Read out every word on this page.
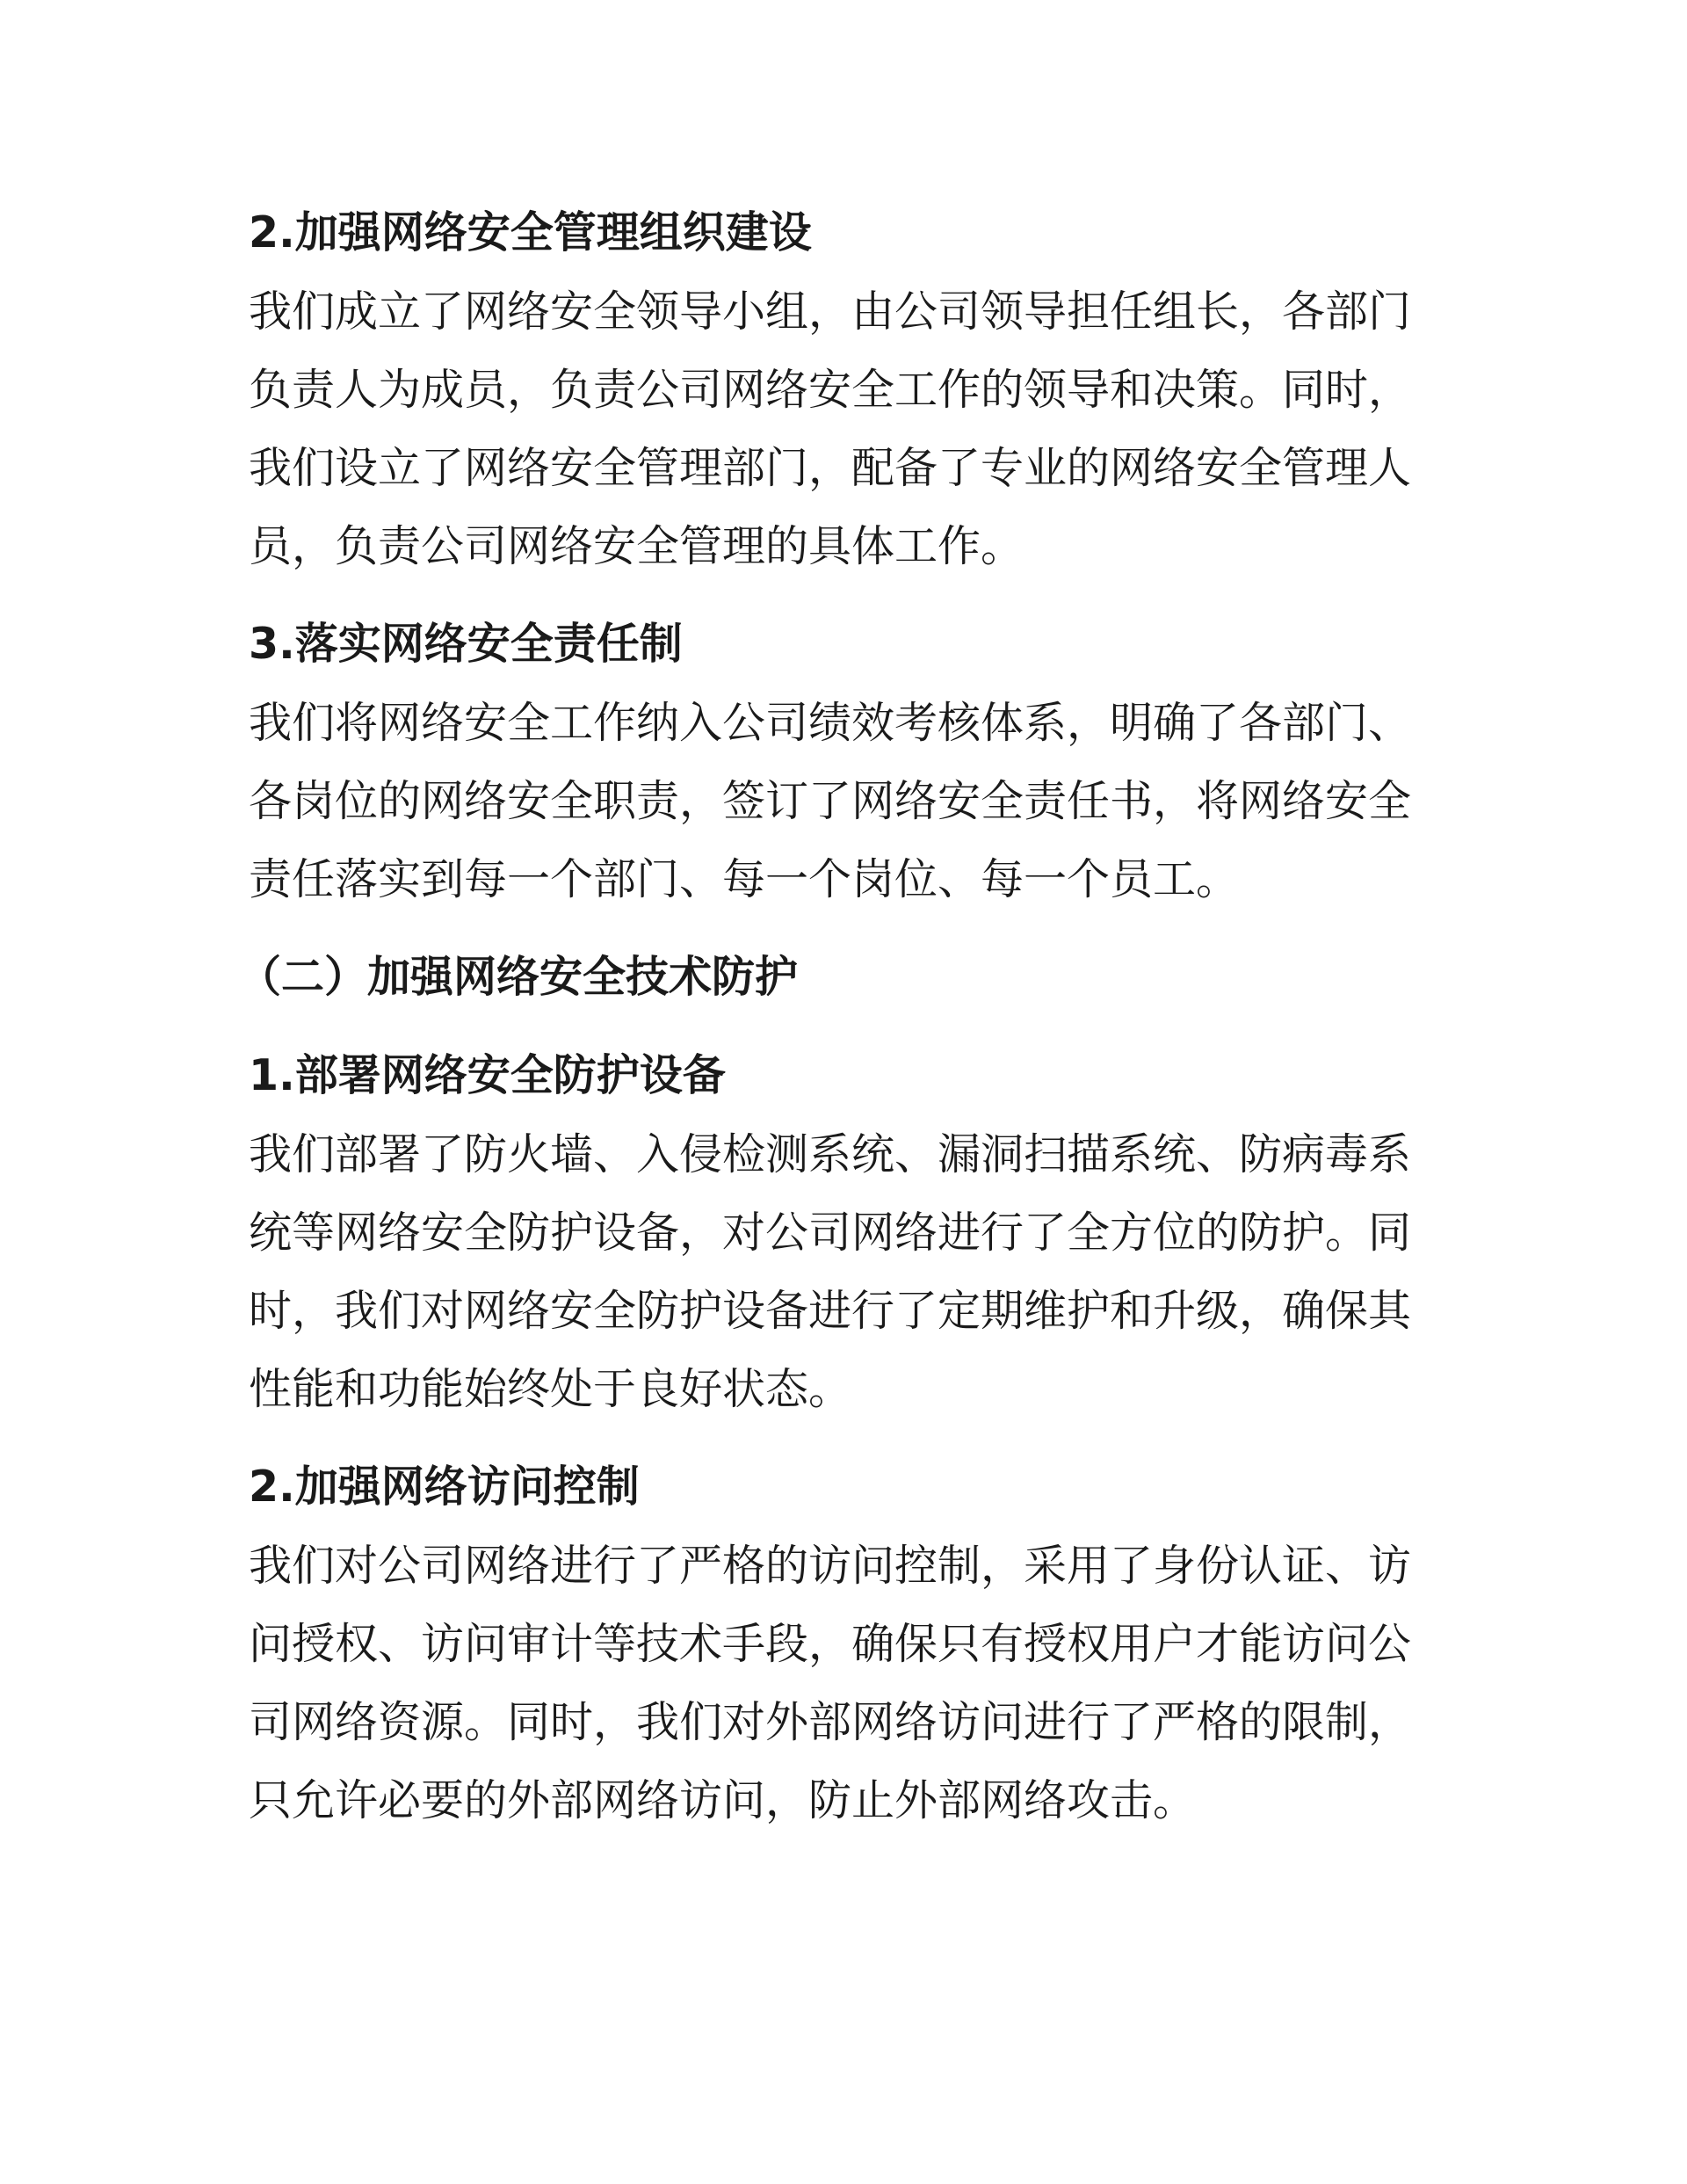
2.加强网络安全管理组织建设

我们成立了网络安全领导小组，由公司领导担任组长，各部门
负责人为成员，负责公司网络安全工作的领导和决策。同时，
我们设立了网络安全管理部门，配备了专业的网络安全管理人
员，负责公司网络安全管理的具体工作。

3.落实网络安全责任制

我们将网络安全工作纳入公司绩效考核体系，明确了各部门、
各岗位的网络安全职责，签订了网络安全责任书，将网络安全
责任落实到每一个部门、每一个岗位、每一个员工。

（二）加强网络安全技术防护
1.部署网络安全防护设备

我们部署了防火墙、入侵检测系统、漏洞扫描系统、防病毒系
统等网络安全防护设备，对公司网络进行了全方位的防护。同
时，我们对网络安全防护设备进行了定期维护和升级，确保其
性能和功能始终处于良好状态。

2.加强网络访问控制

我们对公司网络进行了严格的访问控制，采用了身份认证、访
问授权、访问审计等技术手段，确保只有授权用户才能访问公
司网络资源。同时，我们对外部网络访问进行了严格的限制，
只允许必要的外部网络访问，防止外部网络攻击。
